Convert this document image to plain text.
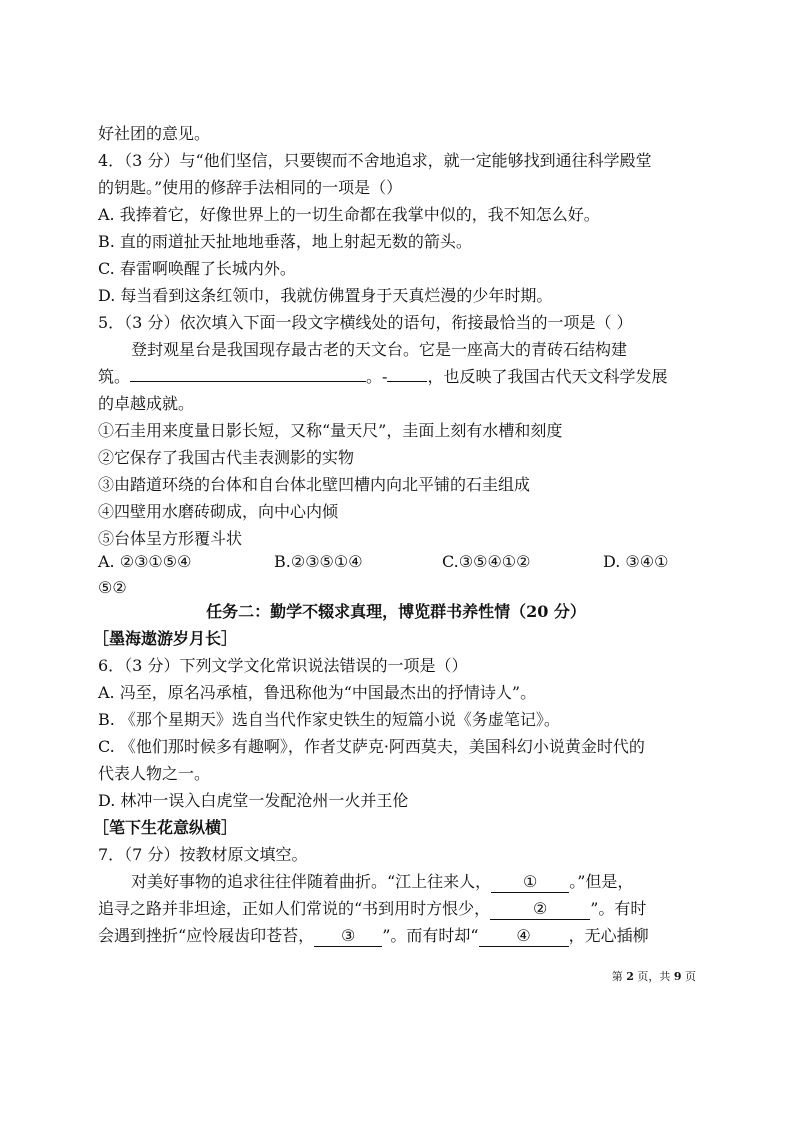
好社团的意见。
4．（3 分）与“他们坚信，只要锲而不舍地追求，就一定能够找到通往科学殿堂
的钥匙。”使用的修辞手法相同的一项是（）
A. 我捧着它，好像世界上的一切生命都在我掌中似的，我不知怎么好。
B. 直的雨道扯天扯地地垂落，地上射起无数的箭头。
C. 春雷啊唤醒了长城内外。
D. 每当看到这条红领巾，我就仿佛置身于天真烂漫的少年时期。
5．（3 分）依次填入下面一段文字横线处的语句，衔接最恰当的一项是（ ）
登封观星台是我国现存最古老的天文台。它是一座高大的青砖石结构建
筑。	。-	，也反映了我国古代天文科学发展
的卓越成就。
①石圭用来度量日影长短，又称“量天尺”，圭面上刻有水槽和刻度
②它保存了我国古代圭表测影的实物
③由踏道环绕的台体和自台体北壁凹槽内向北平铺的石圭组成
④四壁用水磨砖砌成，向中心内倾
⑤台体呈方形覆斗状
A. ②③①⑤④	B.②③⑤①④	C.③⑤④①②	D. ③④①
⑤②
任务二：勤学不辍求真理，博览群书养性情（20 分）
［墨海遨游岁月长］
6．（3 分）下列文学文化常识说法错误的一项是（）
A. 冯至，原名冯承植，鲁迅称他为“中国最杰出的抒情诗人”。
B. 《那个星期天》选自当代作家史铁生的短篇小说《务虚笔记》。
C. 《他们那时候多有趣啊》，作者艾萨克·阿西莫夫，美国科幻小说黄金时代的
代表人物之一。
D. 林冲一误入白虎堂一发配沧州一火并王伦
［笔下生花意纵横］
7．（7 分）按教材原文填空。
对美好事物的追求往往伴随着曲折。“江上往来人， ① 。”但是，
追寻之路并非坦途，正如人们常说的“书到用时方恨少，	②	”。有时
会遇到挫折“应怜屐齿印苍苔， ③ ”。而有时却“ ④ ，无心插柳
第 2 页，共 9 页
